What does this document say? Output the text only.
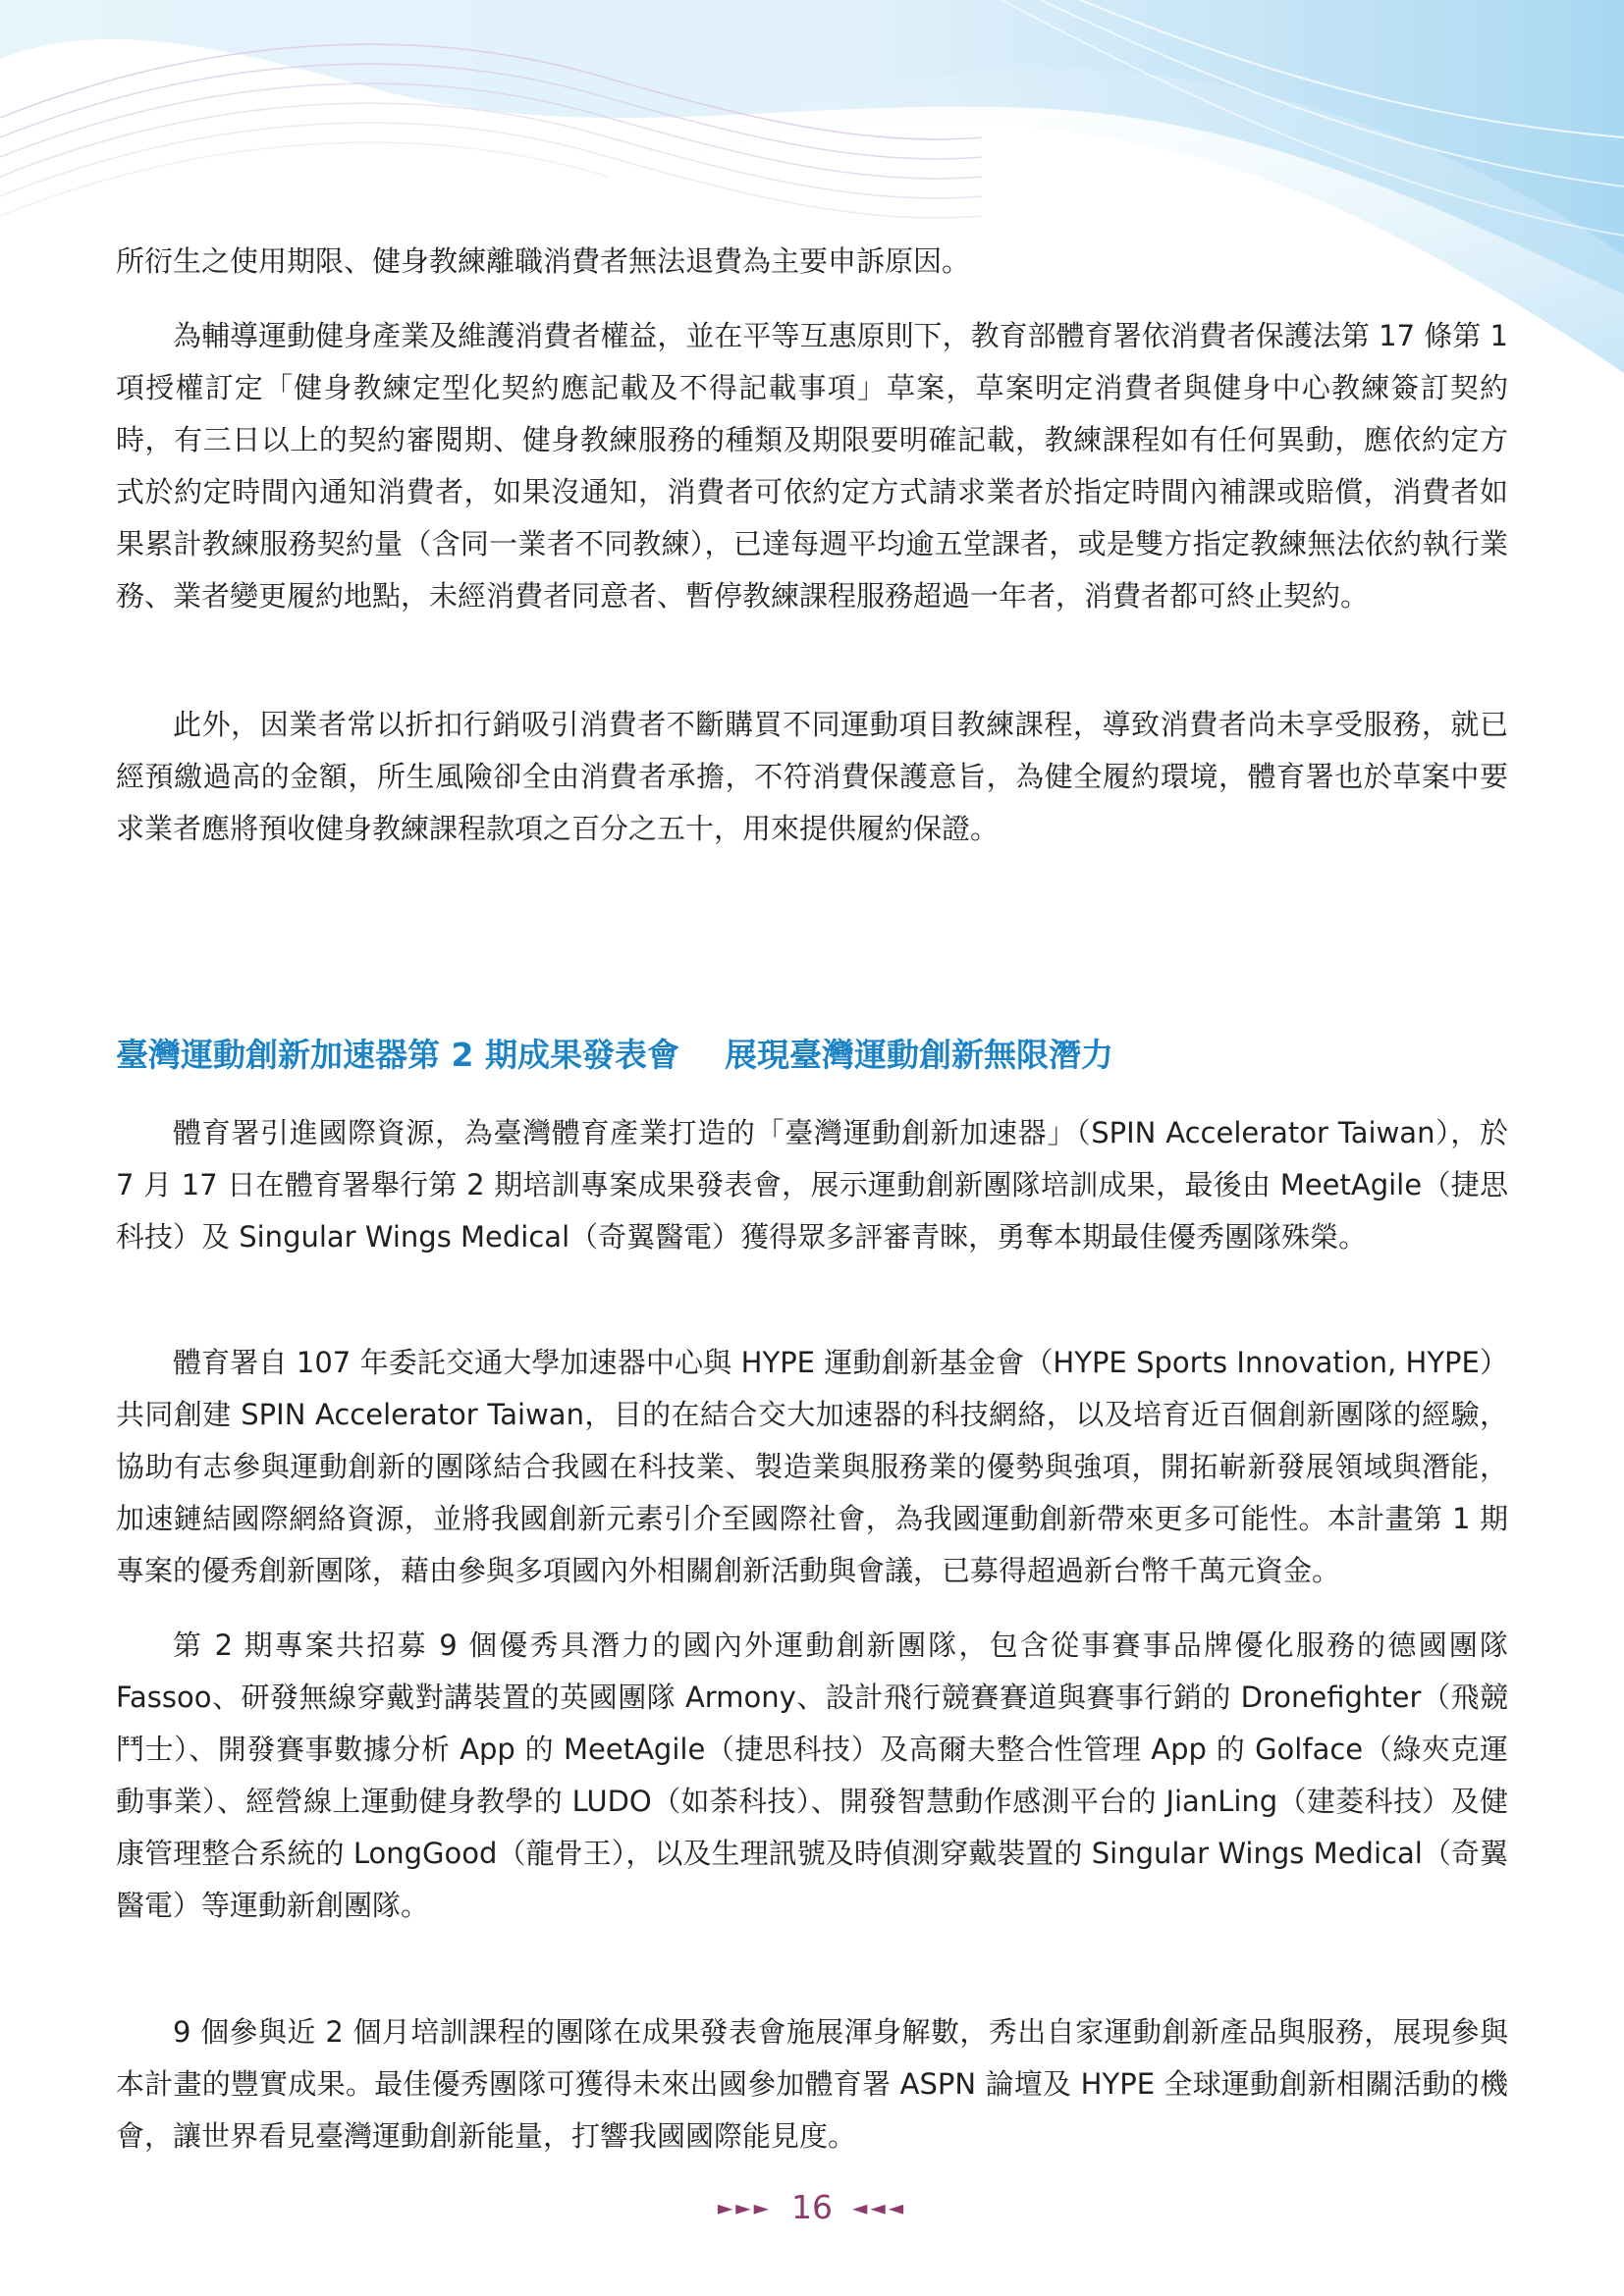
所衍生之使用期限、健身教練離職消費者無法退費為主要申訴原因。

為輔導運動健身產業及維護消費者權益，並在平等互惠原則下，教育部體育署依消費者保護法第 17 條第 1 項授權訂定「健身教練定型化契約應記載及不得記載事項」草案，草案明定消費者與健身中心教練簽訂契約時，有三日以上的契約審閱期、健身教練服務的種類及期限要明確記載，教練課程如有任何異動，應依約定方式於約定時間內通知消費者，如果沒通知，消費者可依約定方式請求業者於指定時間內補課或賠償，消費者如果累計教練服務契約量（含同一業者不同教練），已達每週平均逾五堂課者，或是雙方指定教練無法依約執行業務、業者變更履約地點，未經消費者同意者、暫停教練課程服務超過一年者，消費者都可終止契約。

此外，因業者常以折扣行銷吸引消費者不斷購買不同運動項目教練課程，導致消費者尚未享受服務，就已經預繳過高的金額，所生風險卻全由消費者承擔，不符消費保護意旨，為健全履約環境，體育署也於草案中要求業者應將預收健身教練課程款項之百分之五十，用來提供履約保證。

臺灣運動創新加速器第 2 期成果發表會 展現臺灣運動創新無限潛力

體育署引進國際資源，為臺灣體育產業打造的「臺灣運動創新加速器」（SPIN Accelerator Taiwan），於 7 月 17 日在體育署舉行第 2 期培訓專案成果發表會，展示運動創新團隊培訓成果，最後由 MeetAgile（捷思科技）及 Singular Wings Medical（奇翼醫電）獲得眾多評審青睞，勇奪本期最佳優秀團隊殊榮。

體育署自 107 年委託交通大學加速器中心與 HYPE 運動創新基金會（HYPE Sports Innovation, HYPE）共同創建 SPIN Accelerator Taiwan，目的在結合交大加速器的科技網絡，以及培育近百個創新團隊的經驗，協助有志參與運動創新的團隊結合我國在科技業、製造業與服務業的優勢與強項，開拓嶄新發展領域與潛能，加速鏈結國際網絡資源，並將我國創新元素引介至國際社會，為我國運動創新帶來更多可能性。本計畫第 1 期專案的優秀創新團隊，藉由參與多項國內外相關創新活動與會議，已募得超過新台幣千萬元資金。

第 2 期專案共招募 9 個優秀具潛力的國內外運動創新團隊，包含從事賽事品牌優化服務的德國團隊 Fassoo、研發無線穿戴對講裝置的英國團隊 Armony、設計飛行競賽賽道與賽事行銷的 Dronefighter（飛競鬥士）、開發賽事數據分析 App 的 MeetAgile（捷思科技）及高爾夫整合性管理 App 的 Golface（綠夾克運動事業）、經營線上運動健身教學的 LUDO（如荼科技）、開發智慧動作感測平台的 JianLing（建菱科技）及健康管理整合系統的 LongGood（龍骨王），以及生理訊號及時偵測穿戴裝置的 Singular Wings Medical（奇翼醫電）等運動新創團隊。

9 個參與近 2 個月培訓課程的團隊在成果發表會施展渾身解數，秀出自家運動創新產品與服務，展現參與本計畫的豐實成果。最佳優秀團隊可獲得未來出國參加體育署 ASPN 論壇及 HYPE 全球運動創新相關活動的機會，讓世界看見臺灣運動創新能量，打響我國國際能見度。

►►► 16 ◄◄◄
